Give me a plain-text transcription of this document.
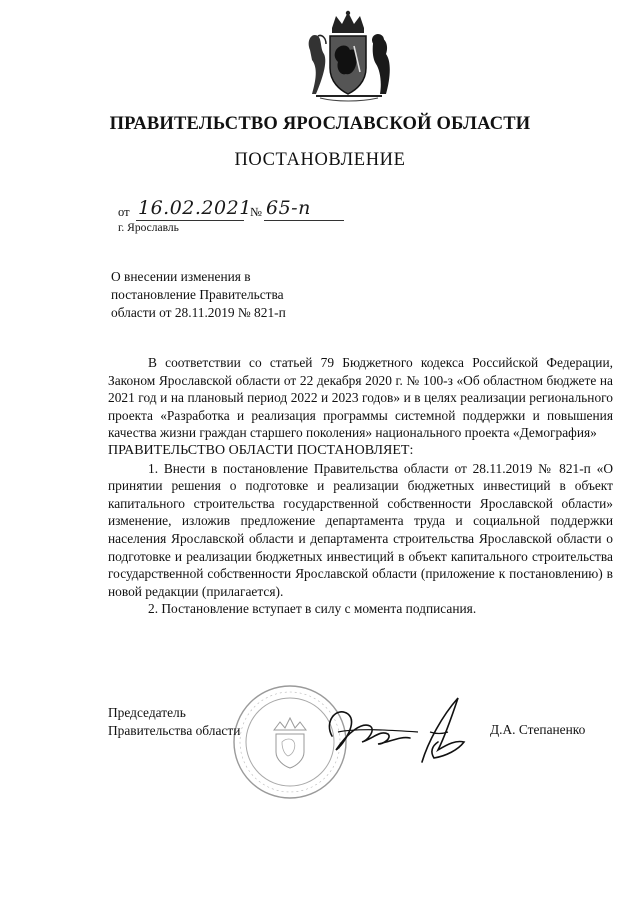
ПРАВИТЕЛЬСТВО ЯРОСЛАВСКОЙ ОБЛАСТИ
ПОСТАНОВЛЕНИЕ
от 16.02.2021
№ 65-п
г. Ярославль
О внесении изменения в
постановление Правительства
области от 28.11.2019 № 821-п

В соответствии со статьей 79 Бюджетного кодекса Российской Федерации, Законом Ярославской области от 22 декабря 2020 г. № 100-з «Об областном бюджете на 2021 год и на плановый период 2022 и 2023 годов» и в целях реализации регионального проекта «Разработка и реализация программы системной поддержки и повышения качества жизни граждан старшего поколения» национального проекта «Демография»

ПРАВИТЕЛЬСТВО ОБЛАСТИ ПОСТАНОВЛЯЕТ:

1. Внести в постановление Правительства области от 28.11.2019 № 821-п «О принятии решения о подготовке и реализации бюджетных инвестиций в объект капитального строительства государственной собственности Ярославской области» изменение, изложив предложение департамента труда и социальной поддержки населения Ярославской области и департамента строительства Ярославской области о подготовке и реализации бюджетных инвестиций в объект капитального строительства государственной собственности Ярославской области (приложение к постановлению) в новой редакции (прилагается).

2. Постановление вступает в силу с момента подписания.

Председатель
Правительства области	Д.А. Степаненко
